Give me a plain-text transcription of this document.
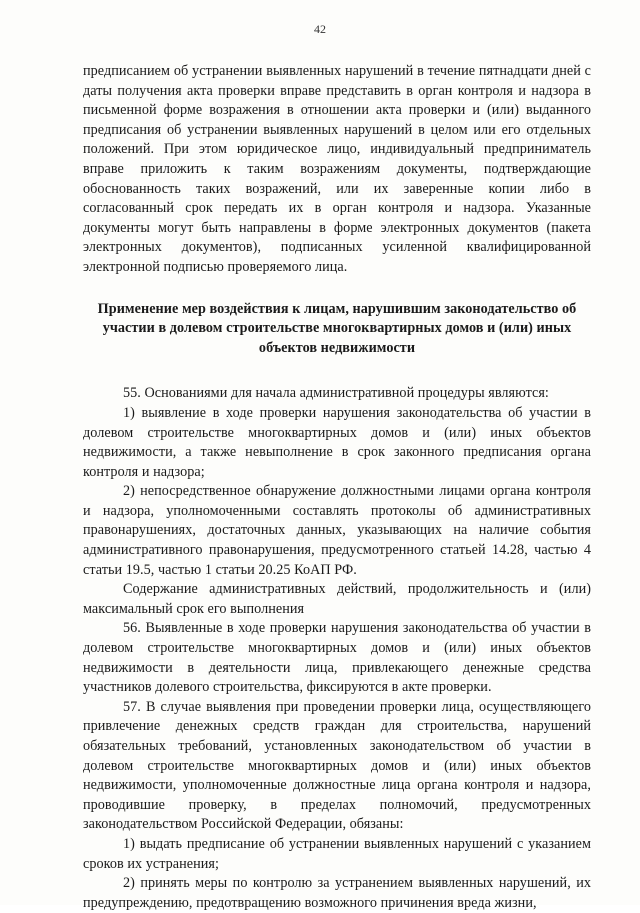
42

предписанием об устранении выявленных нарушений в течение пятнадцати дней с даты получения акта проверки вправе представить в орган контроля и надзора в письменной форме возражения в отношении акта проверки и (или) выданного предписания об устранении выявленных нарушений в целом или его отдельных положений. При этом юридическое лицо, индивидуальный предприниматель вправе приложить к таким возражениям документы, подтверждающие обоснованность таких возражений, или их заверенные копии либо в согласованный срок передать их в орган контроля и надзора. Указанные документы могут быть направлены в форме электронных документов (пакета электронных документов), подписанных усиленной квалифицированной электронной подписью проверяемого лица.

Применение мер воздействия к лицам, нарушившим законодательство об участии в долевом строительстве многоквартирных домов и (или) иных объектов недвижимости

55. Основаниями для начала административной процедуры являются:

1) выявление в ходе проверки нарушения законодательства об участии в долевом строительстве многоквартирных домов и (или) иных объектов недвижимости, а также невыполнение в срок законного предписания органа контроля и надзора;

2) непосредственное обнаружение должностными лицами органа контроля и надзора, уполномоченными составлять протоколы об административных правонарушениях, достаточных данных, указывающих на наличие события административного правонарушения, предусмотренного статьей 14.28, частью 4 статьи 19.5, частью 1 статьи 20.25 КоАП РФ.

Содержание административных действий, продолжительность и (или) максимальный срок его выполнения

56. Выявленные в ходе проверки нарушения законодательства об участии в долевом строительстве многоквартирных домов и (или) иных объектов недвижимости в деятельности лица, привлекающего денежные средства участников долевого строительства, фиксируются в акте проверки.

57. В случае выявления при проведении проверки лица, осуществляющего привлечение денежных средств граждан для строительства, нарушений обязательных требований, установленных законодательством об участии в долевом строительстве многоквартирных домов и (или) иных объектов недвижимости, уполномоченные должностные лица органа контроля и надзора, проводившие проверку, в пределах полномочий, предусмотренных законодательством Российской Федерации, обязаны:

1) выдать предписание об устранении выявленных нарушений с указанием сроков их устранения;

2) принять меры по контролю за устранением выявленных нарушений, их предупреждению, предотвращению возможного причинения вреда жизни,
